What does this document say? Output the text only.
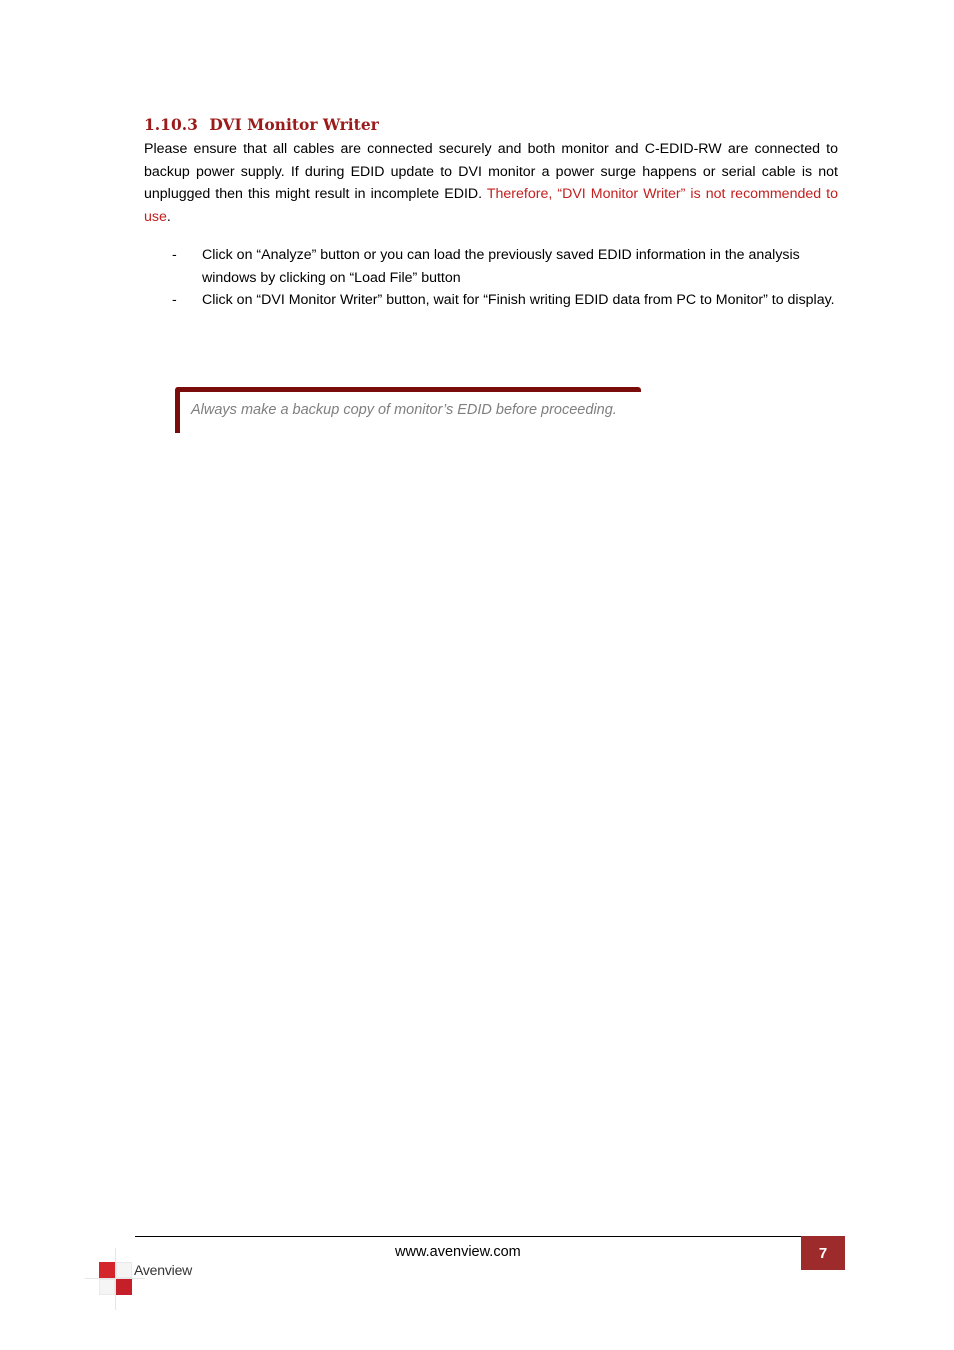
1.10.3 DVI Monitor Writer

Please ensure that all cables are connected securely and both monitor and C-EDID-RW are connected to backup power supply. If during EDID update to DVI monitor a power surge happens or serial cable is not unplugged then this might result in incomplete EDID. Therefore, “DVI Monitor Writer” is not recommended to use.

- Click on “Analyze” button or you can load the previously saved EDID information in the analysis windows by clicking on “Load File” button
- Click on “DVI Monitor Writer” button, wait for “Finish writing EDID data from PC to Monitor” to display.
Always make a backup copy of monitor’s EDID before proceeding.
www.avenview.com	7
Avenview
